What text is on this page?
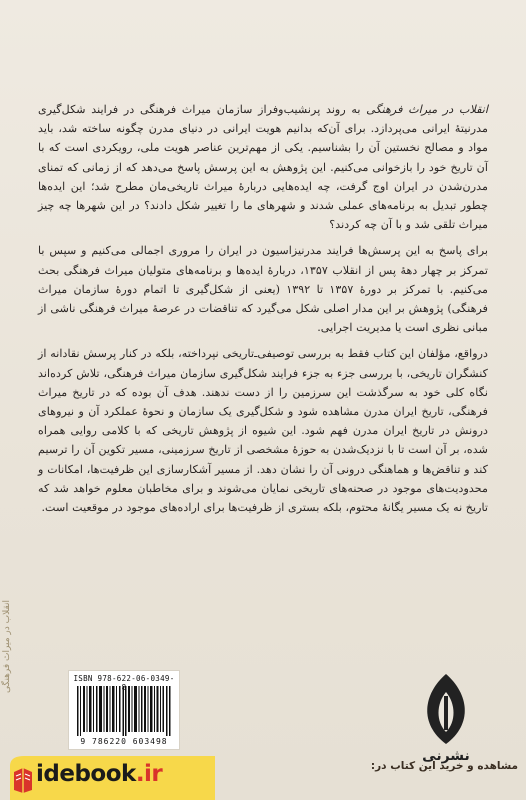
انقلاب در میراث فرهنگی به روند پرنشیب‌وفراز سازمان میراث فرهنگی در فرایند شکل‌گیری مدرنیتهٔ ایرانی می‌پردازد. برای آن‌که بدانیم هویت ایرانی در دنیای مدرن چگونه ساخته شد، باید مواد و مصالح نخستین آن را بشناسیم. یکی از مهم‌ترین عناصر هویت ملی، رویکردی است که با آن تاریخ خود را بازخوانی می‌کنیم. این پژوهش به این پرسش پاسخ می‌دهد که از زمانی که تمنای مدرن‌شدن در ایران اوج گرفت، چه ایده‌هایی دربارهٔ میراث تاریخی‌مان مطرح شد؛ این ایده‌ها چطور تبدیل به برنامه‌های عملی شدند و شهرهای ما را تغییر شکل دادند؟ در این شهرها چه چیز میراث تلقی شد و با آن چه کردند؟

برای پاسخ به این پرسش‌ها فرایند مدرنیزاسیون در ایران را مروری اجمالی می‌کنیم و سپس با تمرکز بر چهار دههٔ پس از انقلاب ۱۳۵۷، دربارهٔ ایده‌ها و برنامه‌های متولیان میراث فرهنگی بحث می‌کنیم. با تمرکز بر دورهٔ ۱۳۵۷ تا ۱۳۹۲ (یعنی از شکل‌گیری تا اتمام دورهٔ سازمان میراث فرهنگی) پژوهش بر این مدار اصلی شکل می‌گیرد که تناقضات در عرصهٔ میراث فرهنگی ناشی از مبانی نظری است یا مدیریت اجرایی.

درواقع، مؤلفان این کتاب فقط به بررسی توصیفی‌ـ‌تاریخی نپرداخته، بلکه در کنار پرسش نقادانه از کنشگران تاریخی، با بررسی جزء به جزء فرایند شکل‌گیری سازمان میراث فرهنگی، تلاش کرده‌اند نگاه کلی خود به سرگذشت این سرزمین را از دست ندهند. هدف آن بوده که در تاریخ میراث فرهنگی، تاریخ ایران مدرن مشاهده شود و شکل‌گیری یک سازمان و نحوهٔ عملکرد آن و نیروهای درونش در تاریخ ایران مدرن فهم شود. این شیوه از پژوهش تاریخی که با کلامی روایی همراه شده، بر آن است تا با نزدیک‌شدن به حوزهٔ مشخصی از تاریخ سرزمینی، مسیر تکوین آن را ترسیم کند و تناقض‌ها و هماهنگی درونی آن را نشان دهد. از مسیر آشکارسازی این ظرفیت‌ها، امکانات و محدودیت‌های موجود در صحنه‌های تاریخی نمایان می‌شوند و برای مخاطبان معلوم خواهد شد که تاریخ نه یک مسیر یگانهٔ محتوم، بلکه بستری از ظرفیت‌ها برای اراده‌های موجود در موقعیت است.

انقلاب در میراث فرهنگی	ISBN 978-622-06-0349-
9 786220 603498
نشرنی
مشاهده و خرید این کتاب در:
idebook.ir
